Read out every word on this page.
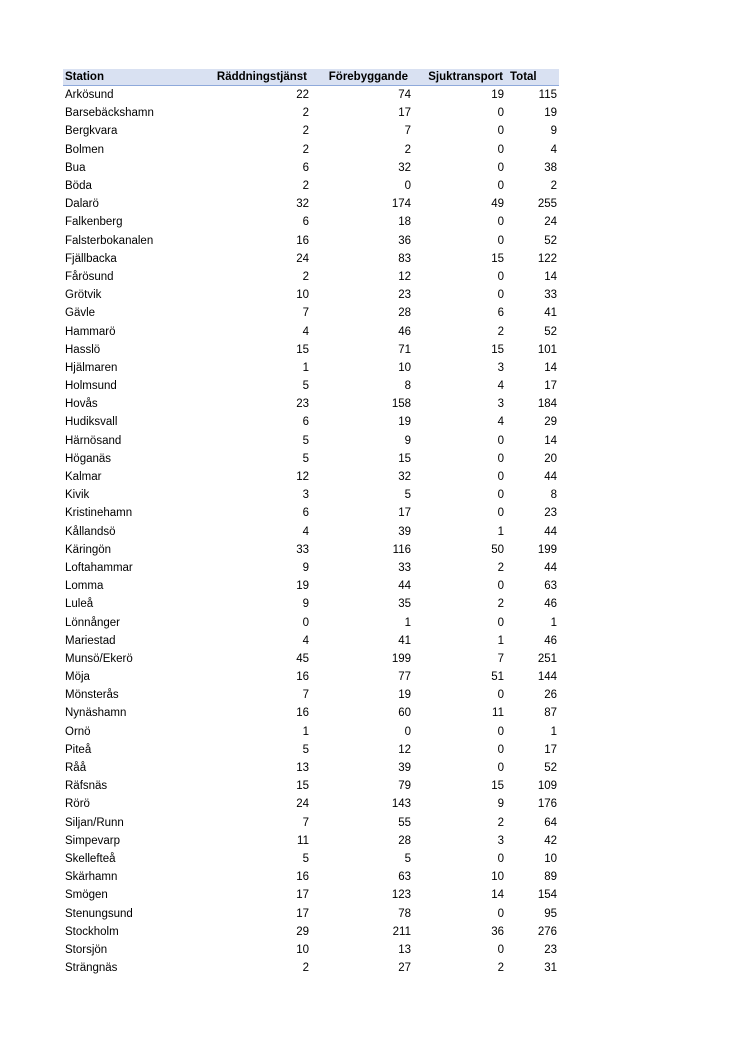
Station	Räddningstjänst	Förebyggande	Sjuktransport	Total
Arkösund	22	74	19	115
Barsebäckshamn	2	17	0	19
Bergkvara	2	7	0	9
Bolmen	2	2	0	4
Bua	6	32	0	38
Böda	2	0	0	2
Dalarö	32	174	49	255
Falkenberg	6	18	0	24
Falsterbokanalen	16	36	0	52
Fjällbacka	24	83	15	122
Fårösund	2	12	0	14
Grötvik	10	23	0	33
Gävle	7	28	6	41
Hammarö	4	46	2	52
Hasslö	15	71	15	101
Hjälmaren	1	10	3	14
Holmsund	5	8	4	17
Hovås	23	158	3	184
Hudiksvall	6	19	4	29
Härnösand	5	9	0	14
Höganäs	5	15	0	20
Kalmar	12	32	0	44
Kivik	3	5	0	8
Kristinehamn	6	17	0	23
Kållandsö	4	39	1	44
Käringön	33	116	50	199
Loftahammar	9	33	2	44
Lomma	19	44	0	63
Luleå	9	35	2	46
Lönnånger	0	1	0	1
Mariestad	4	41	1	46
Munsö/Ekerö	45	199	7	251
Möja	16	77	51	144
Mönsterås	7	19	0	26
Nynäshamn	16	60	11	87
Ornö	1	0	0	1
Piteå	5	12	0	17
Råå	13	39	0	52
Räfsnäs	15	79	15	109
Rörö	24	143	9	176
Siljan/Runn	7	55	2	64
Simpevarp	11	28	3	42
Skellefteå	5	5	0	10
Skärhamn	16	63	10	89
Smögen	17	123	14	154
Stenungsund	17	78	0	95
Stockholm	29	211	36	276
Storsjön	10	13	0	23
Strängnäs	2	27	2	31
